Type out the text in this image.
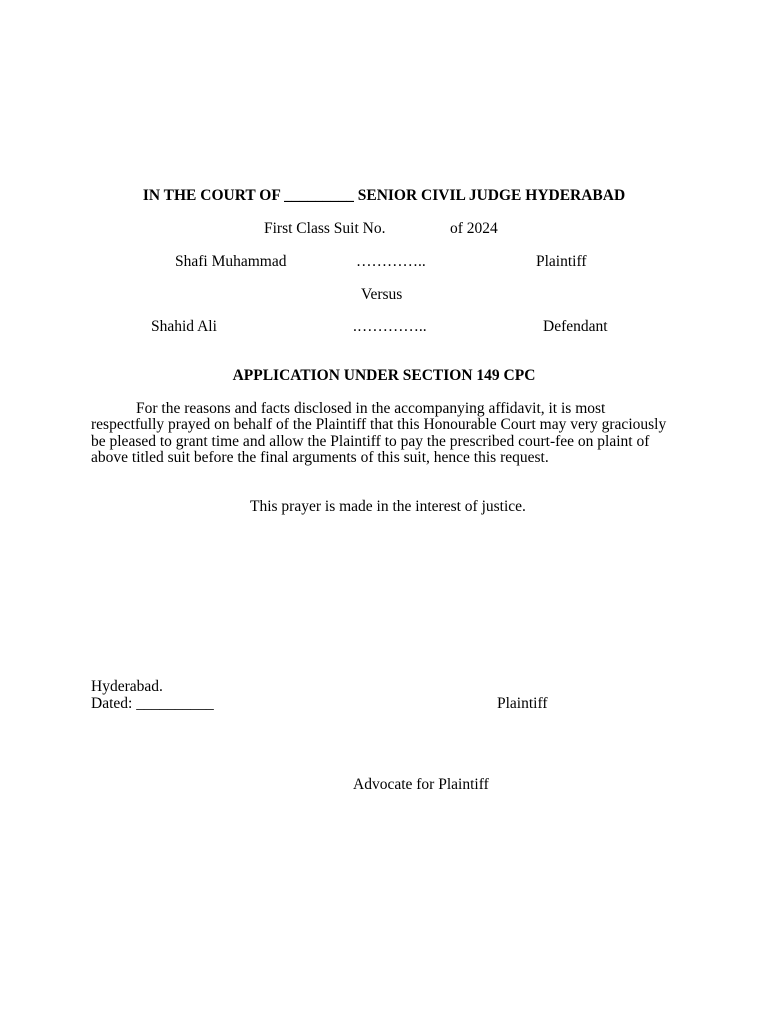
IN THE COURT OF _________ SENIOR CIVIL JUDGE HYDERABAD
First Class Suit No.	of 2024
Shafi Muhammad	…………..	Plaintiff
Versus
Shahid Ali	.…………..	Defendant
APPLICATION UNDER SECTION 149 CPC

For the reasons and facts disclosed in the accompanying affidavit, it is most respectfully prayed on behalf of the Plaintiff that this Honourable Court may very graciously be pleased to grant time and allow the Plaintiff to pay the prescribed court-fee on plaint of above titled suit before the final arguments of this suit, hence this request.

This prayer is made in the interest of justice.
Hyderabad.
Dated: __________	Plaintiff
Advocate for Plaintiff
